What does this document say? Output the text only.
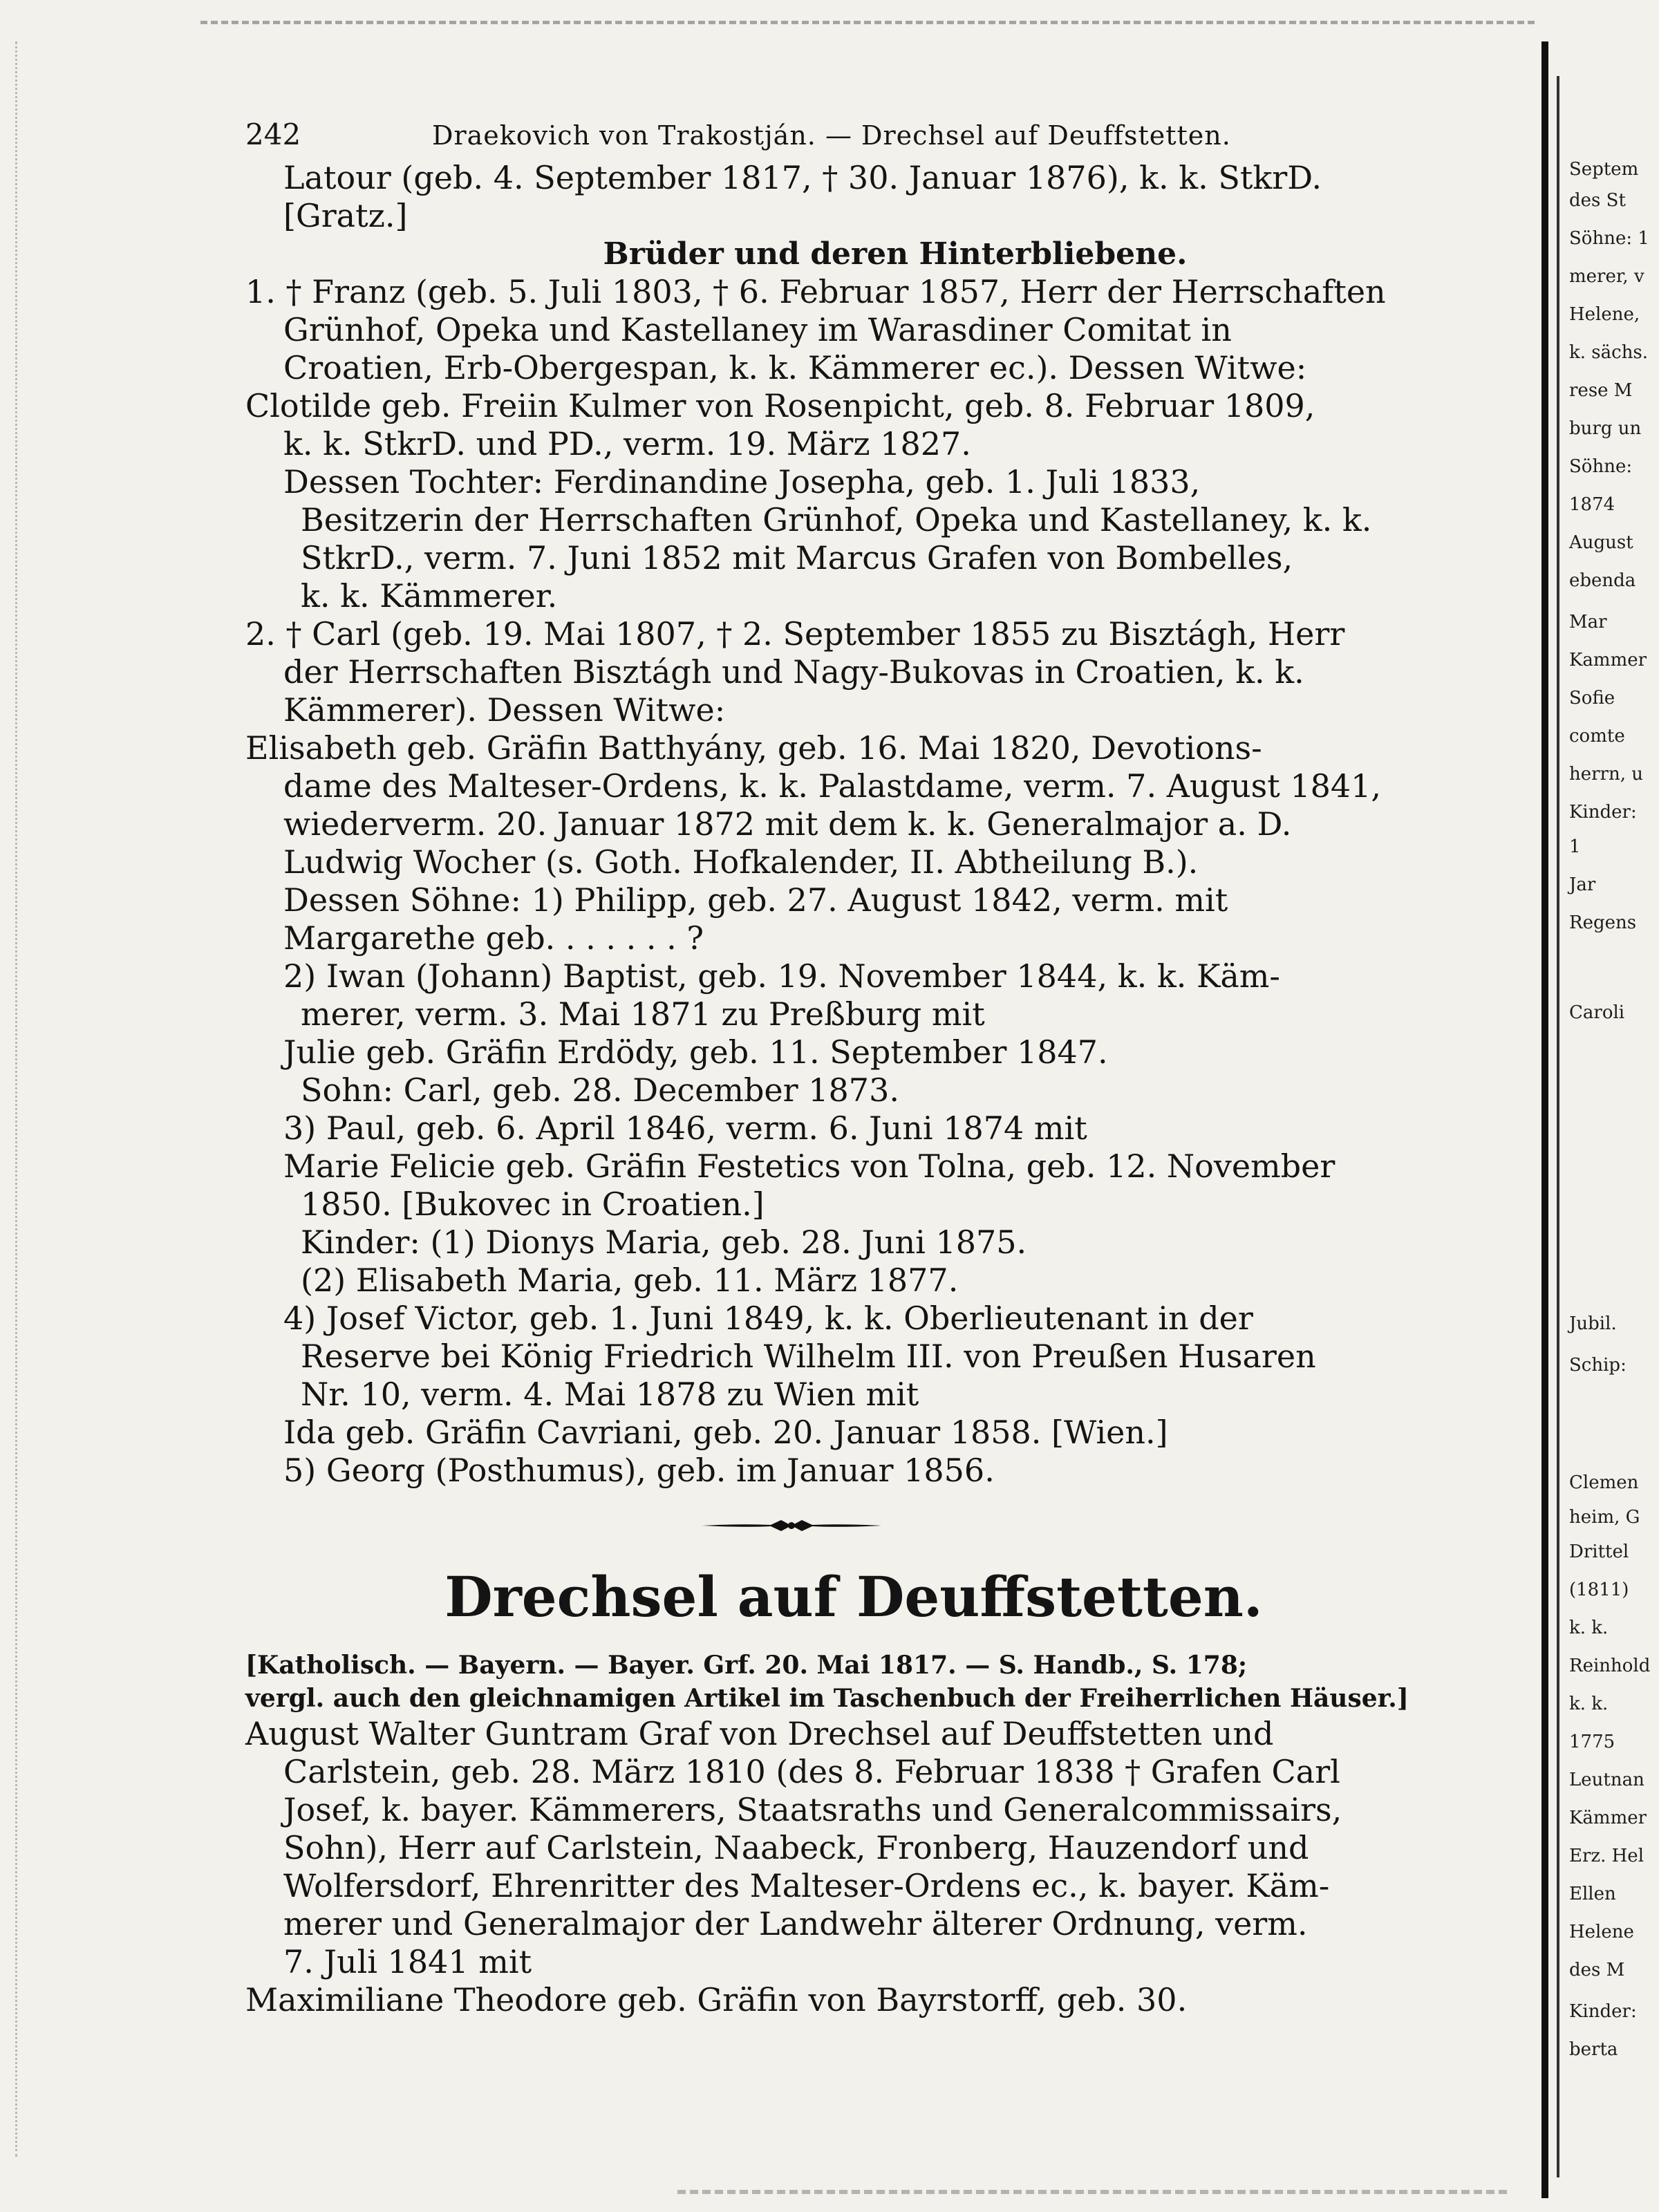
242	Draekovich von Trakostján. — Drechsel auf Deuffstetten.
Latour (geb. 4. September 1817, † 30. Januar 1876), k. k. StkrD.
[Gratz.]
Brüder und deren Hinterbliebene.
1. † Franz (geb. 5. Juli 1803, † 6. Februar 1857, Herr der Herrschaften
Grünhof, Opeka und Kastellaney im Warasdiner Comitat in
Croatien, Erb-Obergespan, k. k. Kämmerer ec.). Dessen Witwe:
Clotilde geb. Freiin Kulmer von Rosenpicht, geb. 8. Februar 1809,
k. k. StkrD. und PD., verm. 19. März 1827.
Dessen Tochter: Ferdinandine Josepha, geb. 1. Juli 1833,
Besitzerin der Herrschaften Grünhof, Opeka und Kastellaney, k. k.
StkrD., verm. 7. Juni 1852 mit Marcus Grafen von Bombelles,
k. k. Kämmerer.
2. † Carl (geb. 19. Mai 1807, † 2. September 1855 zu Bisztágh, Herr
der Herrschaften Bisztágh und Nagy-Bukovas in Croatien, k. k.
Kämmerer). Dessen Witwe:
Elisabeth geb. Gräfin Batthyány, geb. 16. Mai 1820, Devotions-
dame des Malteser-Ordens, k. k. Palastdame, verm. 7. August 1841,
wiederverm. 20. Januar 1872 mit dem k. k. Generalmajor a. D.
Ludwig Wocher (s. Goth. Hofkalender, II. Abtheilung B.).
Dessen Söhne: 1) Philipp, geb. 27. August 1842, verm. mit
Margarethe geb. . . . . . . ?
2) Iwan (Johann) Baptist, geb. 19. November 1844, k. k. Käm-
merer, verm. 3. Mai 1871 zu Preßburg mit
Julie geb. Gräfin Erdödy, geb. 11. September 1847.
Sohn: Carl, geb. 28. December 1873.
3) Paul, geb. 6. April 1846, verm. 6. Juni 1874 mit
Marie Felicie geb. Gräfin Festetics von Tolna, geb. 12. November
1850. [Bukovec in Croatien.]
Kinder: (1) Dionys Maria, geb. 28. Juni 1875.
(2) Elisabeth Maria, geb. 11. März 1877.
4) Josef Victor, geb. 1. Juni 1849, k. k. Oberlieutenant in der
Reserve bei König Friedrich Wilhelm III. von Preußen Husaren
Nr. 10, verm. 4. Mai 1878 zu Wien mit
Ida geb. Gräfin Cavriani, geb. 20. Januar 1858. [Wien.]
5) Georg (Posthumus), geb. im Januar 1856.
Drechsel auf Deuffstetten.
[Katholisch. — Bayern. — Bayer. Grf. 20. Mai 1817. — S. Handb., S. 178;
vergl. auch den gleichnamigen Artikel im Taschenbuch der Freiherrlichen Häuser.]
August Walter Guntram Graf von Drechsel auf Deuffstetten und
Carlstein, geb. 28. März 1810 (des 8. Februar 1838 † Grafen Carl
Josef, k. bayer. Kämmerers, Staatsraths und Generalcommissairs,
Sohn), Herr auf Carlstein, Naabeck, Fronberg, Hauzendorf und
Wolfersdorf, Ehrenritter des Malteser-Ordens ec., k. bayer. Käm-
merer und Generalmajor der Landwehr älterer Ordnung, verm.
7. Juli 1841 mit
Maximiliane Theodore geb. Gräfin von Bayrstorff, geb. 30.
Septem
des St
Söhne: 1
merer, v
Helene,
k. sächs.
rese M
burg un
Söhne:
1874
August
ebenda
Mar
Kammer
Sofie
comte
herrn, u
Kinder:
1
Jar
Regens
Caroli
Jubil.
Schip:
Clemen
heim, G
Drittel
(1811)
k. k.
Reinhold
k. k.
1775
Leutnan
Kämmer
Erz. Hel
Ellen
Helene
des M
Kinder:
berta
